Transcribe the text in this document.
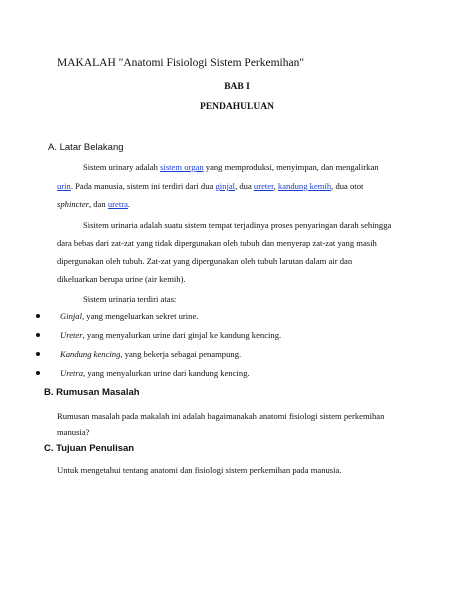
MAKALAH "Anatomi Fisiologi Sistem Perkemihan"
BAB I
PENDAHULUAN
A. Latar Belakang
Sistem urinary adalah sistem organ yang memproduksi, menyimpan, dan mengalirkan
urin. Pada manusia, sistem ini terdiri dari dua ginjal, dua ureter, kandung kemih, dua otot
sphincter, dan uretra.
Sisitem urinaria adalah suatu sistem tempat terjadinya proses penyaringan darah sehingga
dara bebas dari zat-zat yang tidak dipergunakan oleh tubuh dan menyerap zat-zat yang masih
dipergunakan oleh tubuh. Zat-zat yang dipergunakan oleh tubuh larutan dalam air dan
dikeluarkan berupa urine (air kemih).
Sistem urinaria terdiri atas:
Ginjal, yang mengeluarkan sekret urine.
Ureter, yang menyalurkan urine dari ginjal ke kandung kencing.
Kandung kencing, yang bekerja sebagai penampung.
Uretra, yang menyalurkan urine dari kandung kencing.
B. Rumusan Masalah
Rumusan masalah pada makalah ini adalah bagaimanakah anatomi fisiologi sistem perkemihan
manusia?
C. Tujuan Penulisan
Untuk mengetahui tentang anatomi dan fisiologi sistem perkemihan pada manusia.
